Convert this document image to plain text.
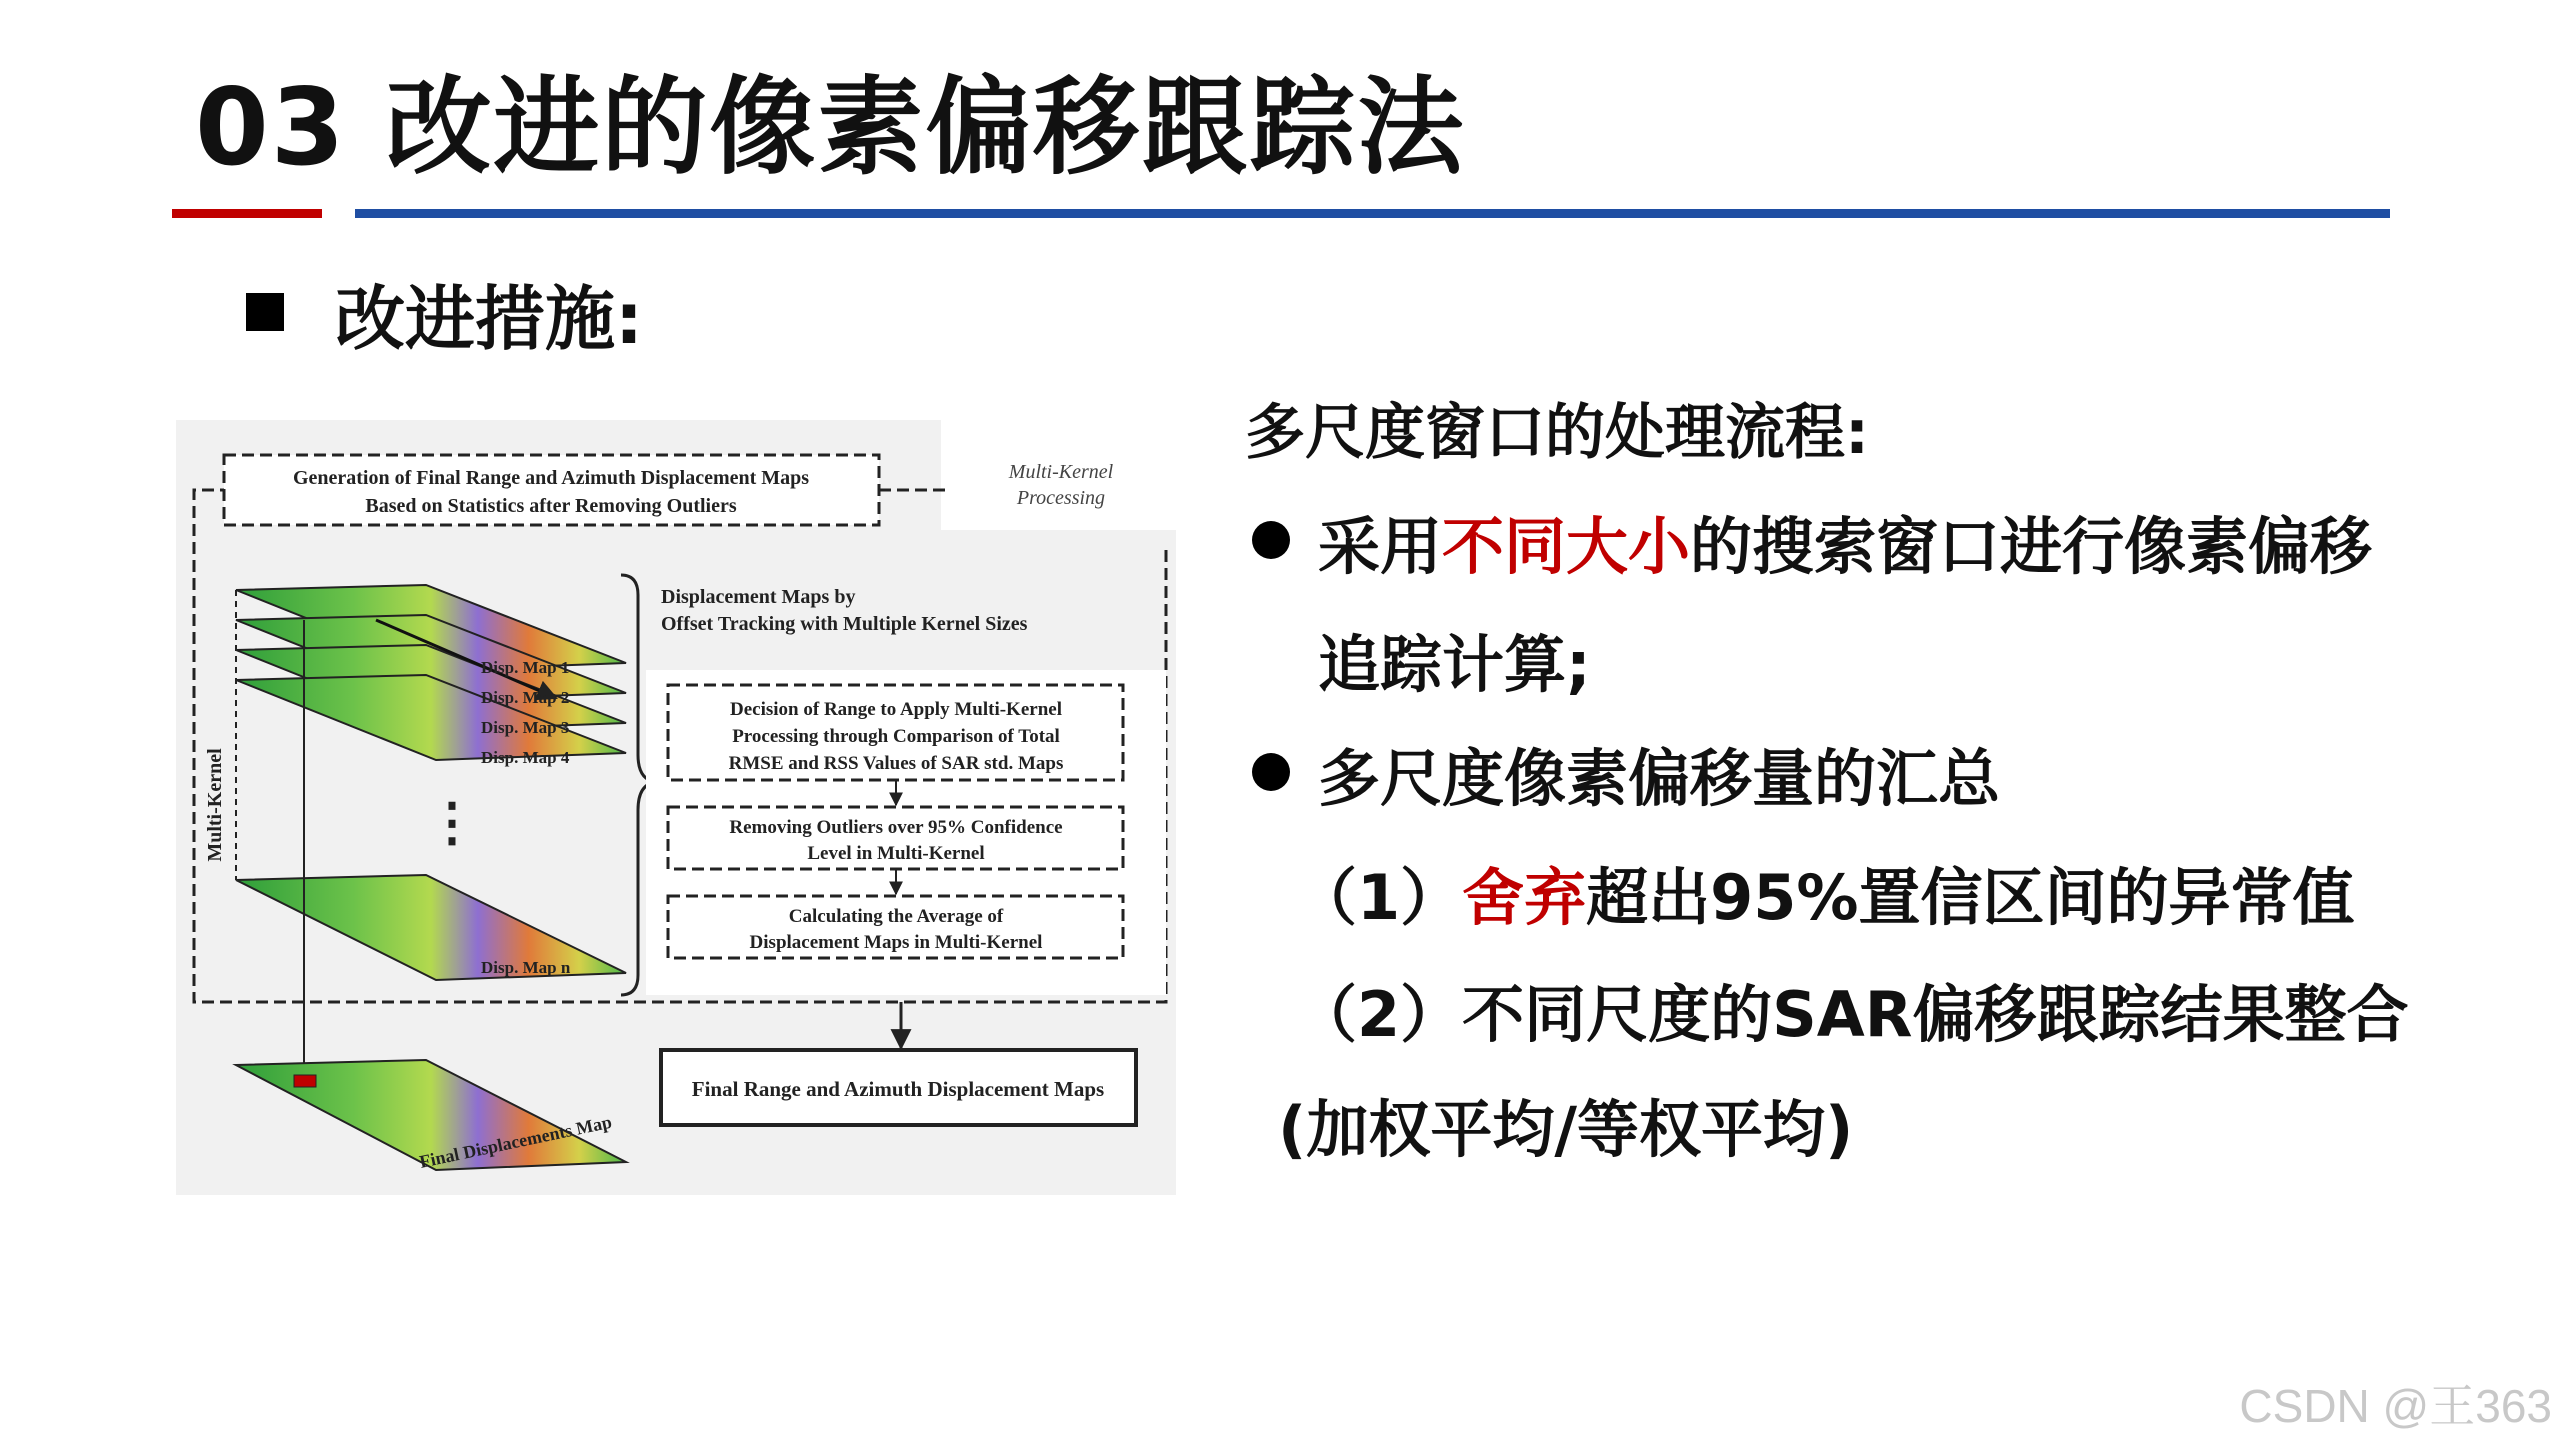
03 改进的像素偏移跟踪法
改进措施:
Generation of Final Range and Azimuth Displacement Maps
Based on Statistics after Removing Outliers
Multi-Kernel
Processing
Multi-Kernel
Disp. Map 1
Disp. Map 2
Disp. Map 3
Disp. Map 4
Disp. Map n
⋮
Displacement Maps by
Offset Tracking with Multiple Kernel Sizes
Decision of Range to Apply Multi-Kernel
Processing through Comparison of Total
RMSE and RSS Values of SAR std. Maps
Removing Outliers over 95% Confidence
Level in Multi-Kernel
Calculating the Average of
Displacement Maps in Multi-Kernel
Final Range and Azimuth Displacement Maps
Final Displacements Map
多尺度窗口的处理流程:
采用不同大小的搜索窗口进行像素偏移
追踪计算;
多尺度像素偏移量的汇总
（1）舍弃超出95%置信区间的异常值
（2）不同尺度的SAR偏移跟踪结果整合
(加权平均/等权平均)
CSDN @王363
